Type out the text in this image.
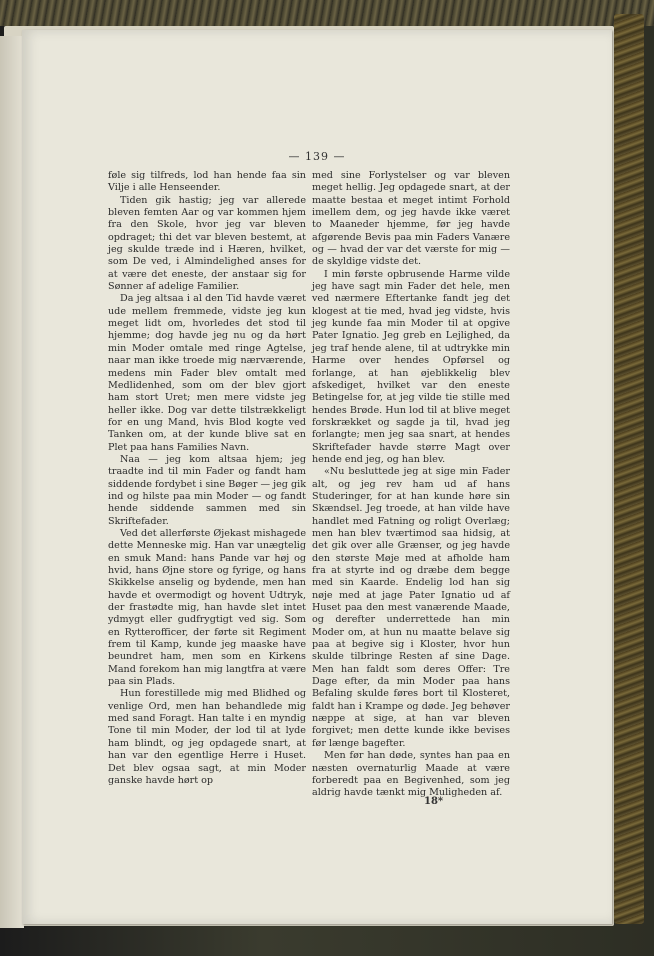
— 139 —

føle sig tilfreds, lod han hende faa sin Vilje i alle Henseender.

Tiden gik hastig; jeg var allerede bleven femten Aar og var kommen hjem fra den Skole, hvor jeg var bleven opdraget; thi det var bleven bestemt, at jeg skulde træde ind i Hæren, hvilket, som De ved, i Almindelighed anses for at være det eneste, der anstaar sig for Sønner af adelige Familier.

Da jeg altsaa i al den Tid havde været ude mellem fremmede, vidste jeg kun meget lidt om, hvorledes det stod til hjemme; dog havde jeg nu og da hørt min Moder omtale med ringe Agtelse, naar man ikke troede mig nærværende, medens min Fader blev omtalt med Medlidenhed, som om der blev gjort ham stort Uret; men mere vidste jeg heller ikke. Dog var dette tilstrækkeligt for en ung Mand, hvis Blod kogte ved Tanken om, at der kunde blive sat en Plet paa hans Families Navn.

Naa — jeg kom altsaa hjem; jeg traadte ind til min Fader og fandt ham siddende fordybet i sine Bøger — jeg gik ind og hilste paa min Moder — og fandt hende siddende sammen med sin Skriftefader.

Ved det allerførste Øjekast mishagede dette Menneske mig. Han var unægtelig en smuk Mand: hans Pande var høj og hvid, hans Øjne store og fyrige, og hans Skikkelse anselig og bydende, men han havde et overmodigt og hovent Udtryk, der frastødte mig, han havde slet intet ydmygt eller gudfrygtigt ved sig. Som en Rytterofficer, der førte sit Regiment frem til Kamp, kunde jeg maaske have beundret ham, men som en Kirkens Mand forekom han mig langtfra at være paa sin Plads.

Hun forestillede mig med Blidhed og venlige Ord, men han behandlede mig med sand Foragt. Han talte i en myndig Tone til min Moder, der lod til at lyde ham blindt, og jeg opdagede snart, at han var den egentlige Herre i Huset. Det blev ogsaa sagt, at min Moder ganske havde hørt op

med sine Forlystelser og var bleven meget hellig. Jeg opdagede snart, at der maatte bestaa et meget intimt Forhold imellem dem, og jeg havde ikke været to Maaneder hjemme, før jeg havde afgørende Bevis paa min Faders Vanære og — hvad der var det værste for mig — de skyldige vidste det.

I min første opbrusende Harme vilde jeg have sagt min Fader det hele, men ved nærmere Eftertanke fandt jeg det klogest at tie med, hvad jeg vidste, hvis jeg kunde faa min Moder til at opgive Pater Ignatio. Jeg greb en Lejlighed, da jeg traf hende alene, til at udtrykke min Harme over hendes Opførsel og forlange, at han øjeblikkelig blev afskediget, hvilket var den eneste Betingelse for, at jeg vilde tie stille med hendes Brøde. Hun lod til at blive meget forskrækket og sagde ja til, hvad jeg forlangte; men jeg saa snart, at hendes Skriftefader havde større Magt over hende end jeg, og han blev.

«Nu besluttede jeg at sige min Fader alt, og jeg rev ham ud af hans Studeringer, for at han kunde høre sin Skændsel. Jeg troede, at han vilde have handlet med Fatning og roligt Overlæg; men han blev tværtimod saa hidsig, at det gik over alle Grænser, og jeg havde den største Møje med at afholde ham fra at styrte ind og dræbe dem begge med sin Kaarde. Endelig lod han sig nøje med at jage Pater Ignatio ud af Huset paa den mest vanærende Maade, og derefter underrettede han min Moder om, at hun nu maatte belave sig paa at begive sig i Kloster, hvor hun skulde tilbringe Resten af sine Dage. Men han faldt som deres Offer: Tre Dage efter, da min Moder paa hans Befaling skulde føres bort til Klosteret, faldt han i Krampe og døde. Jeg behøver næppe at sige, at han var bleven forgivet; men dette kunde ikke bevises før længe bagefter.

Men før han døde, syntes han paa en næsten overnaturlig Maade at være forberedt paa en Begivenhed, som jeg aldrig havde tænkt mig Muligheden af.

18*
